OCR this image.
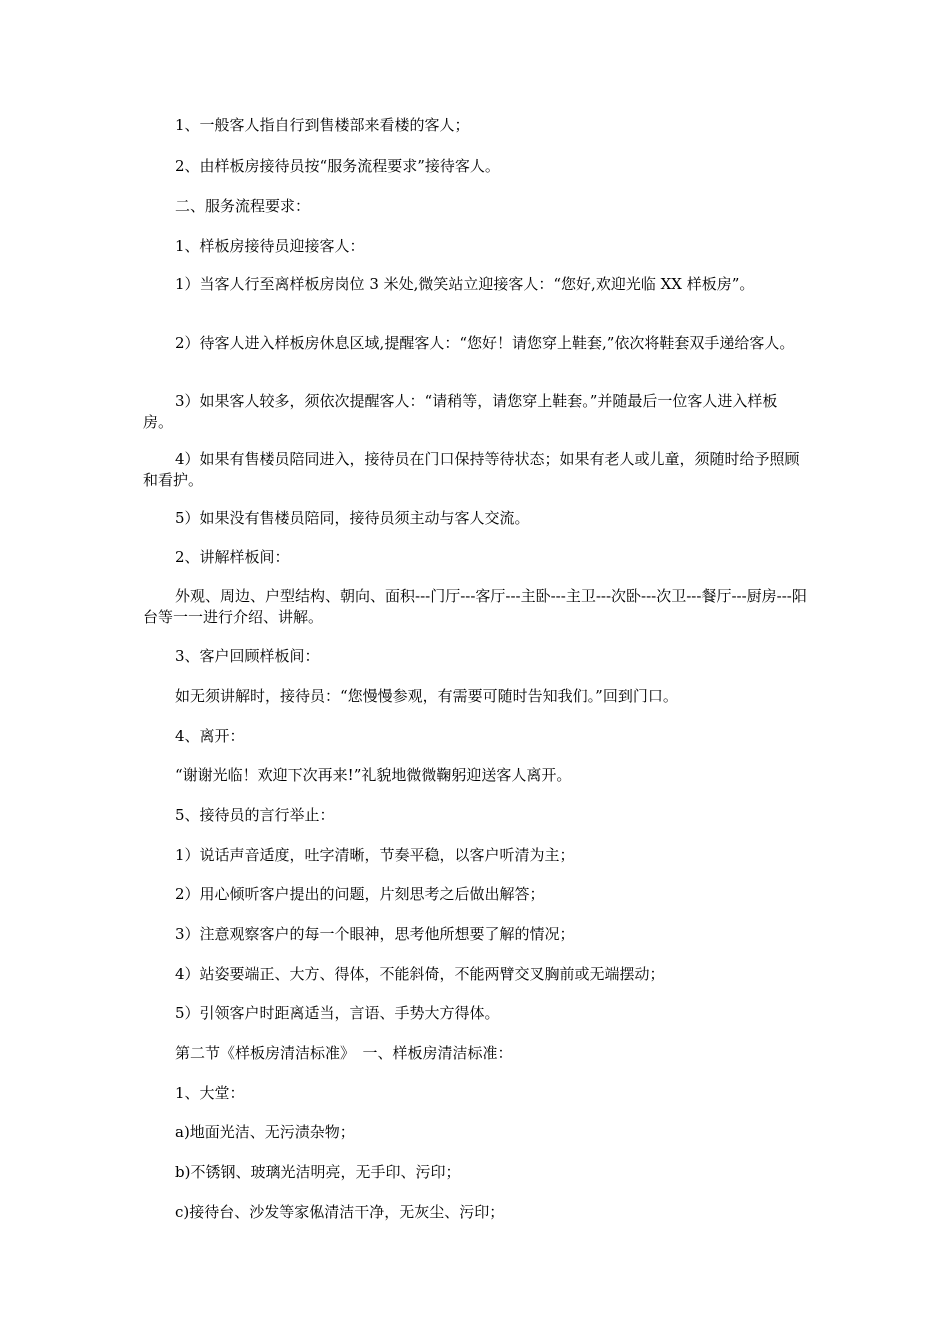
1、一般客人指自行到售楼部来看楼的客人；

2、由样板房接待员按“服务流程要求”接待客人。

二、服务流程要求：

1、样板房接待员迎接客人：

1）当客人行至离样板房岗位 3 米处,微笑站立迎接客人：“您好,欢迎光临 XX 样板房”。

2）待客人进入样板房休息区域,提醒客人：“您好！请您穿上鞋套,”依次将鞋套双手递给客人。

3）如果客人较多，须依次提醒客人：“请稍等，请您穿上鞋套。”并随最后一位客人进入样板房。

4）如果有售楼员陪同进入，接待员在门口保持等待状态；如果有老人或儿童，须随时给予照顾和看护。

5）如果没有售楼员陪同，接待员须主动与客人交流。

2、讲解样板间：

外观、周边、户型结构、朝向、面积---门厅---客厅---主卧---主卫---次卧---次卫---餐厅---厨房---阳台等一一进行介绍、讲解。

3、客户回顾样板间：

如无须讲解时，接待员：“您慢慢参观，有需要可随时告知我们。”回到门口。

4、离开：

“谢谢光临！欢迎下次再来!”礼貌地微微鞠躬迎送客人离开。

5、接待员的言行举止：

1）说话声音适度，吐字清晰，节奏平稳，以客户听清为主；

2）用心倾听客户提出的问题，片刻思考之后做出解答；

3）注意观察客户的每一个眼神，思考他所想要了解的情况；

4）站姿要端正、大方、得体，不能斜倚，不能两臂交叉胸前或无端摆动；

5）引领客户时距离适当，言语、手势大方得体。

第二节《样板房清洁标准》　一、样板房清洁标准：

1、大堂：

a)地面光洁、无污渍杂物；

b)不锈钢、玻璃光洁明亮，无手印、污印；

c)接待台、沙发等家俬清洁干净，无灰尘、污印；
